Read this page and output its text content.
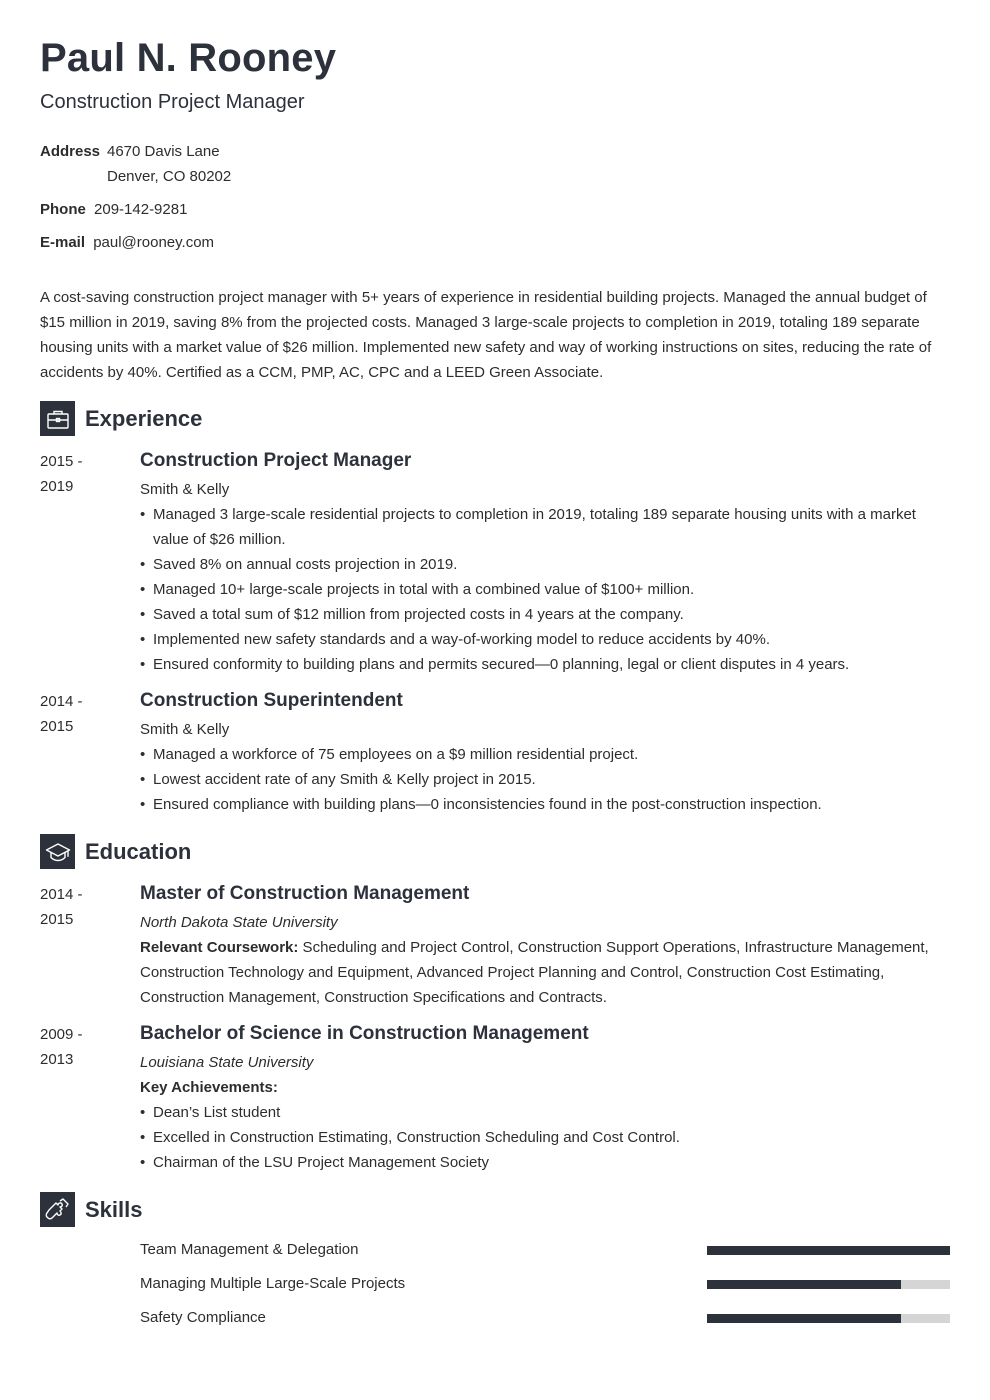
Paul N. Rooney
Construction Project Manager
Address 4670 Davis Lane
Denver, CO 80202
Phone 209-142-9281
E-mail paul@rooney.com

A cost-saving construction project manager with 5+ years of experience in residential building projects. Managed the annual budget of $15 million in 2019, saving 8% from the projected costs. Managed 3 large-scale projects to completion in 2019, totaling 189 separate housing units with a market value of $26 million. Implemented new safety and way of working instructions on sites, reducing the rate of accidents by 40%. Certified as a CCM, PMP, AC, CPC and a LEED Green Associate.

Experience
2015 -
2019
Construction Project Manager
Smith & Kelly
• Managed 3 large-scale residential projects to completion in 2019, totaling 189 separate housing units with a market value of $26 million.
• Saved 8% on annual costs projection in 2019.
• Managed 10+ large-scale projects in total with a combined value of $100+ million.
• Saved a total sum of $12 million from projected costs in 4 years at the company.
• Implemented new safety standards and a way-of-working model to reduce accidents by 40%.
• Ensured conformity to building plans and permits secured—0 planning, legal or client disputes in 4 years.
2014 -
2015
Construction Superintendent
Smith & Kelly
• Managed a workforce of 75 employees on a $9 million residential project.
• Lowest accident rate of any Smith & Kelly project in 2015.
• Ensured compliance with building plans—0 inconsistencies found in the post-construction inspection.
Education
2014 -
2015
Master of Construction Management
North Dakota State University
Relevant Coursework: Scheduling and Project Control, Construction Support Operations, Infrastructure Management, Construction Technology and Equipment, Advanced Project Planning and Control, Construction Cost Estimating, Construction Management, Construction Specifications and Contracts.
2009 -
2013
Bachelor of Science in Construction Management
Louisiana State University
Key Achievements:
• Dean’s List student
• Excelled in Construction Estimating, Construction Scheduling and Cost Control.
• Chairman of the LSU Project Management Society
Skills
Team Management & Delegation
Managing Multiple Large-Scale Projects
Safety Compliance
